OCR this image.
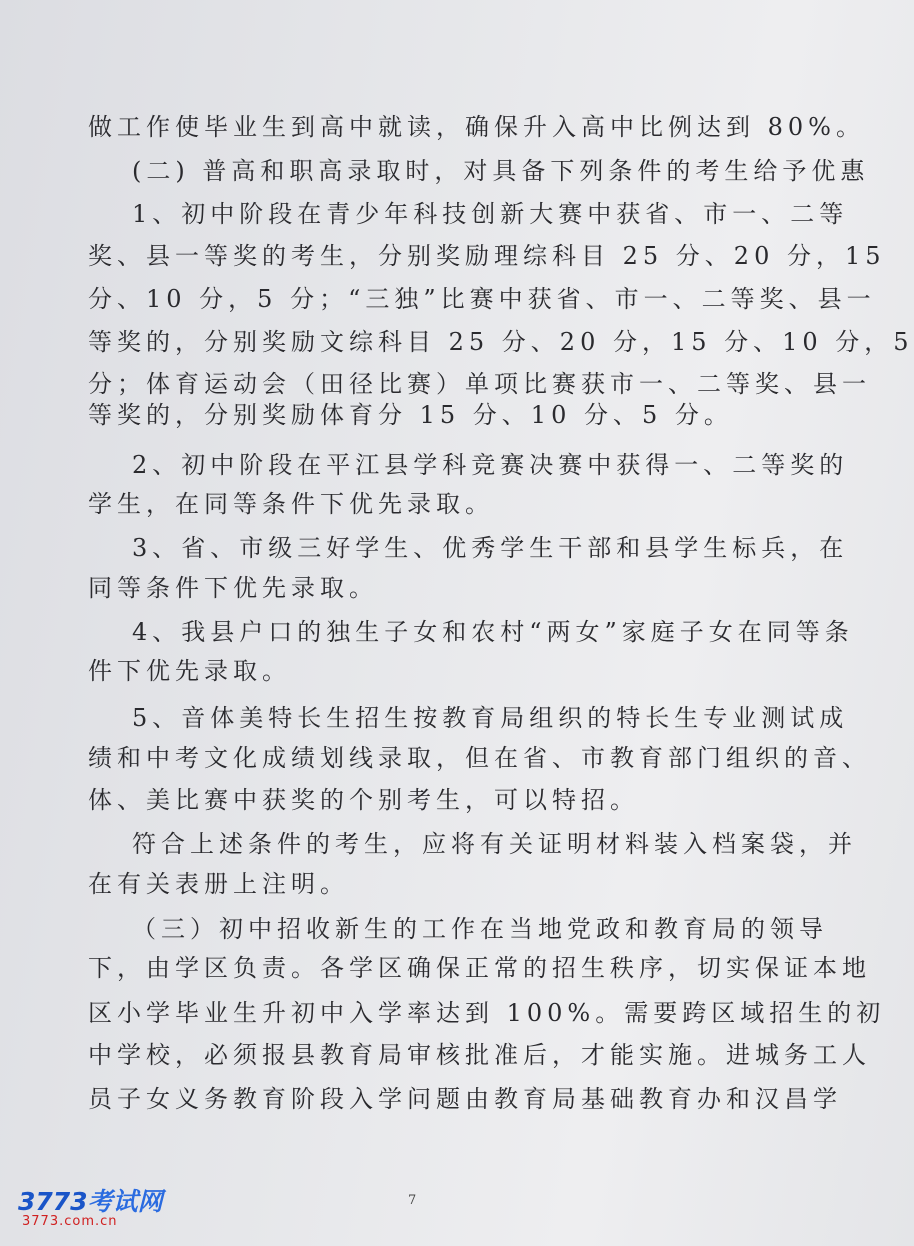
做工作使毕业生到高中就读，确保升入高中比例达到 80%。
(二) 普高和职高录取时，对具备下列条件的考生给予优惠
1、初中阶段在青少年科技创新大赛中获省、市一、二等
奖、县一等奖的考生，分别奖励理综科目 25 分、20 分，15
分、10 分，5 分；“三独”比赛中获省、市一、二等奖、县一
等奖的，分别奖励文综科目 25 分、20 分，15 分、10 分，5
分；体育运动会（田径比赛）单项比赛获市一、二等奖、县一
等奖的，分别奖励体育分 15 分、10 分、5 分。
2、初中阶段在平江县学科竞赛决赛中获得一、二等奖的
学生，在同等条件下优先录取。
3、省、市级三好学生、优秀学生干部和县学生标兵，在
同等条件下优先录取。
4、我县户口的独生子女和农村“两女”家庭子女在同等条
件下优先录取。
5、音体美特长生招生按教育局组织的特长生专业测试成
绩和中考文化成绩划线录取，但在省、市教育部门组织的音、
体、美比赛中获奖的个别考生，可以特招。
符合上述条件的考生，应将有关证明材料装入档案袋，并
在有关表册上注明。
（三）初中招收新生的工作在当地党政和教育局的领导
下，由学区负责。各学区确保正常的招生秩序，切实保证本地
区小学毕业生升初中入学率达到 100%。需要跨区域招生的初
中学校，必须报县教育局审核批准后，才能实施。进城务工人
员子女义务教育阶段入学问题由教育局基础教育办和汉昌学
7
3773考试网
3773.com.cn
